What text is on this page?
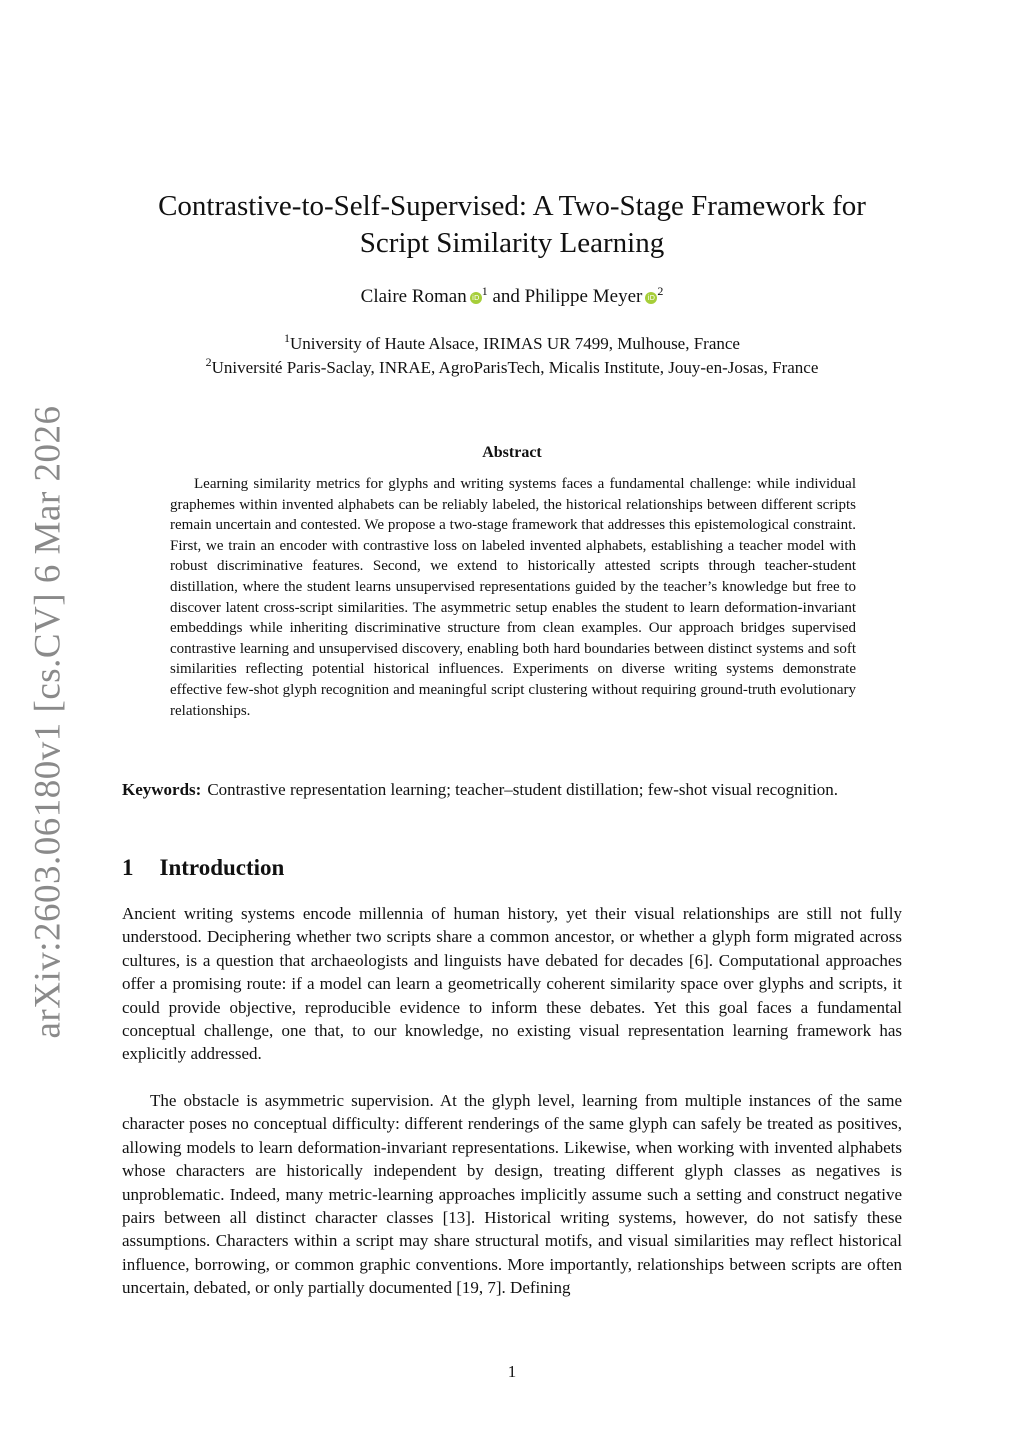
arXiv:2603.06180v1 [cs.CV] 6 Mar 2026
Contrastive-to-Self-Supervised: A Two-Stage Framework for
Script Similarity Learning
Claire Roman iD $^1$ and Philippe Meyer iD $^2$
$^1$University of Haute Alsace, IRIMAS UR 7499, Mulhouse, France
$^2$Université Paris-Saclay, INRAE, AgroParisTech, Micalis Institute, Jouy-en-Josas, France
Abstract

Learning similarity metrics for glyphs and writing systems faces a fundamental challenge: while individual graphemes within invented alphabets can be reliably labeled, the historical relationships between different scripts remain uncertain and contested. We propose a two-stage framework that addresses this epistemological constraint. First, we train an encoder with contrastive loss on labeled invented alphabets, establishing a teacher model with robust discriminative features. Second, we extend to historically attested scripts through teacher-student distillation, where the student learns unsupervised representations guided by the teacher’s knowledge but free to discover latent cross-script similarities. The asymmetric setup enables the student to learn deformation-invariant embeddings while inheriting discriminative structure from clean examples. Our approach bridges supervised contrastive learning and unsupervised discovery, enabling both hard boundaries between distinct systems and soft similarities reflecting potential historical influences. Experiments on diverse writing systems demonstrate effective few-shot glyph recognition and meaningful script clustering without requiring ground-truth evolutionary relationships.

Keywords: Contrastive representation learning; teacher–student distillation; few-shot visual recognition.

1 Introduction

Ancient writing systems encode millennia of human history, yet their visual relationships are still not fully understood. Deciphering whether two scripts share a common ancestor, or whether a glyph form migrated across cultures, is a question that archaeologists and linguists have debated for decades [6]. Computational approaches offer a promising route: if a model can learn a geometrically coherent similarity space over glyphs and scripts, it could provide objective, reproducible evidence to inform these debates. Yet this goal faces a fundamental conceptual challenge, one that, to our knowledge, no existing visual representation learning framework has explicitly addressed.

The obstacle is asymmetric supervision. At the glyph level, learning from multiple instances of the same character poses no conceptual difficulty: different renderings of the same glyph can safely be treated as positives, allowing models to learn deformation-invariant representations. Likewise, when working with invented alphabets whose characters are historically independent by design, treating different glyph classes as negatives is unproblematic. Indeed, many metric-learning approaches implicitly assume such a setting and construct negative pairs between all distinct character classes [13]. Historical writing systems, however, do not satisfy these assumptions. Characters within a script may share structural motifs, and visual similarities may reflect historical influence, borrowing, or common graphic conventions. More importantly, relationships between scripts are often uncertain, debated, or only partially documented [19, 7]. Defining

1
